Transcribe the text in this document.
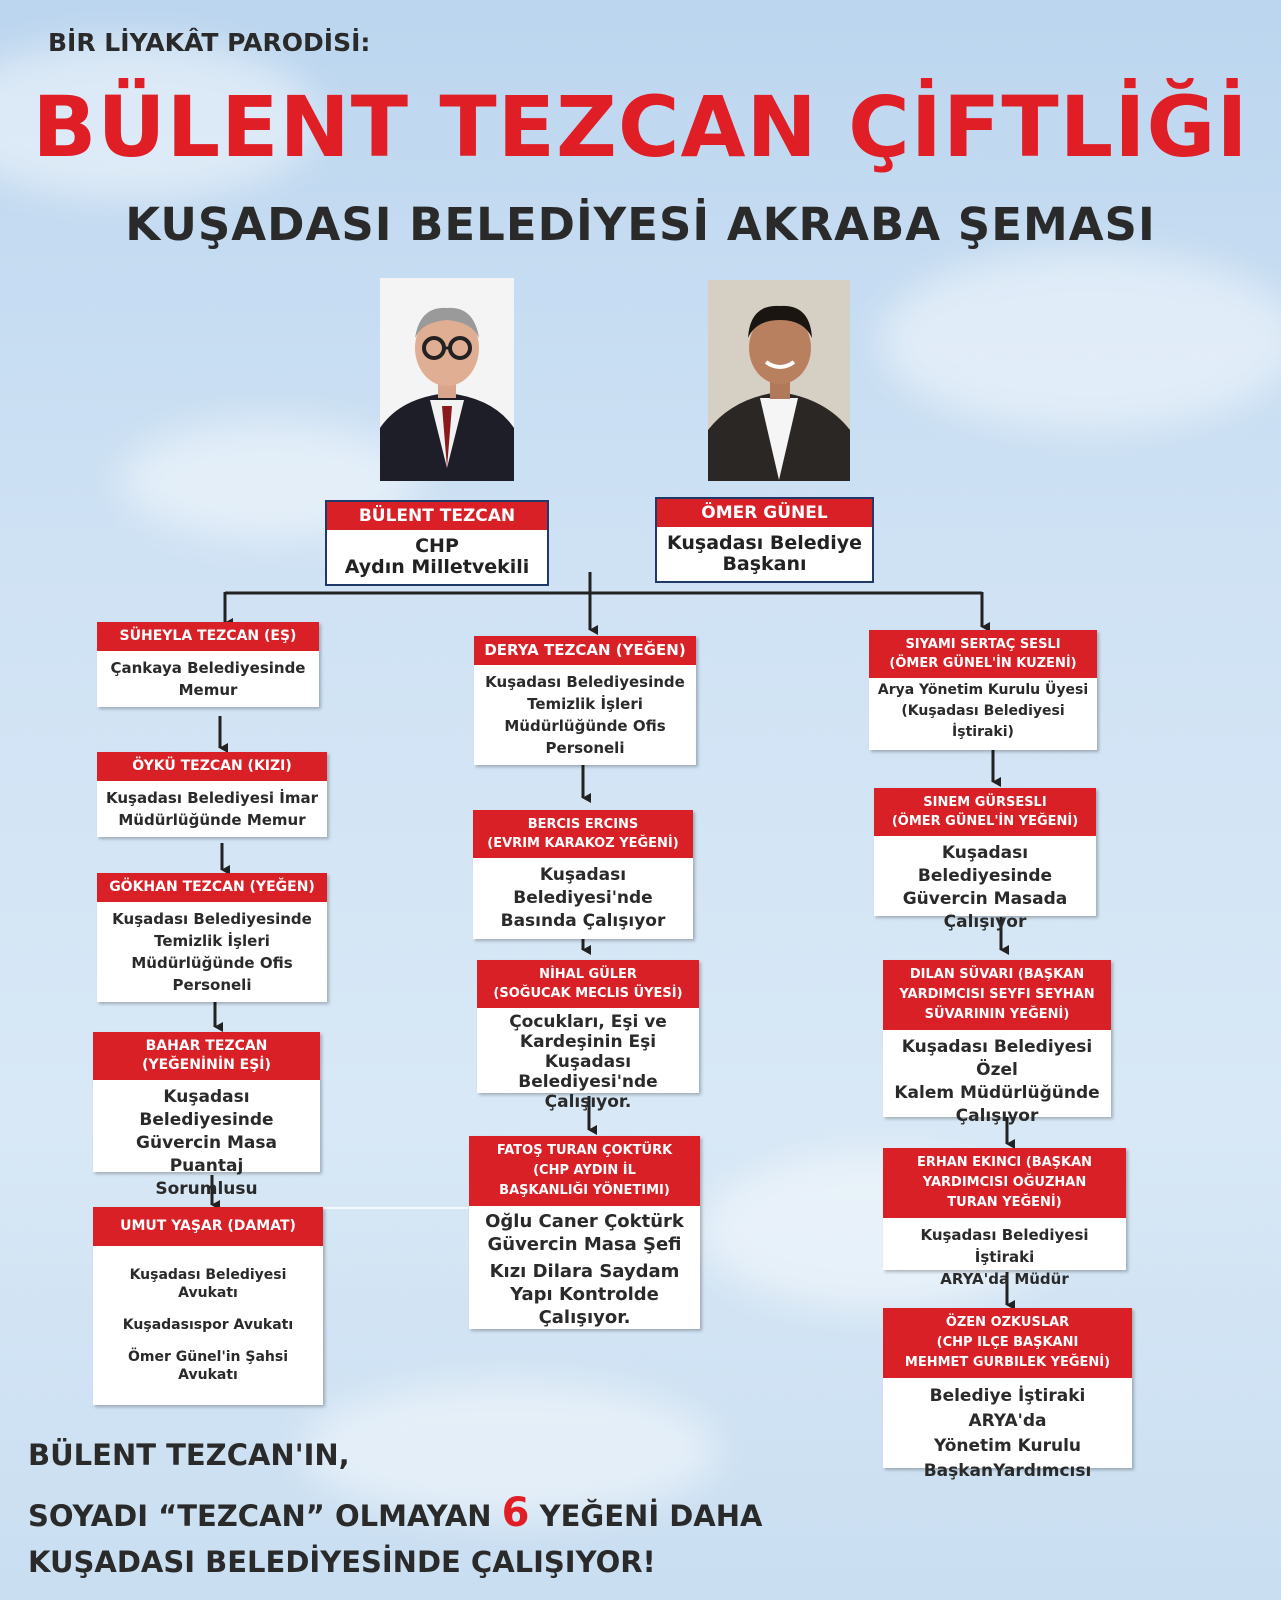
BİR LİYAKÂT PARODİSİ:
BÜLENT TEZCAN ÇİFTLİĞİ
KUŞADASI BELEDİYESİ AKRABA ŞEMASI
BÜLENT TEZCAN
CHP
Aydın Milletvekili
ÖMER GÜNEL
Kuşadası Belediye
Başkanı
SÜHEYLA TEZCAN (EŞ)
Çankaya Belediyesinde
Memur
ÖYKÜ TEZCAN (KIZI)
Kuşadası Belediyesi İmar
Müdürlüğünde Memur
GÖKHAN TEZCAN (YEĞEN)
Kuşadası Belediyesinde
Temizlik İşleri
Müdürlüğünde Ofis
Personeli
BAHAR TEZCAN
(YEĞENİNİN EŞİ)
Kuşadası Belediyesinde
Güvercin Masa Puantaj
Sorumlusu
UMUT YAŞAR (DAMAT)
Kuşadası Belediyesi Avukatı
Kuşadasıspor Avukatı
Ömer Günel'in Şahsi Avukatı
DERYA TEZCAN (YEĞEN)
Kuşadası Belediyesinde
Temizlik İşleri
Müdürlüğünde Ofis
Personeli
BERCIS ERCINS
(EVRIM KARAKOZ YEĞENİ)
Kuşadası Belediyesi'nde
Basında Çalışıyor
NİHAL GÜLER
(SOĞUCAK MECLIS ÜYESİ)
Çocukları, Eşi ve
Kardeşinin Eşi
Kuşadası Belediyesi'nde
Çalışıyor.
FATOŞ TURAN ÇOKTÜRK
(CHP AYDIN İL
BAŞKANLIĞI YÖNETIMI)
Oğlu Caner Çoktürk
Güvercin Masa Şefi
Kızı Dilara Saydam
Yapı Kontrolde
Çalışıyor.
SIYAMI SERTAÇ SESLI
(ÖMER GÜNEL'İN KUZENİ)
Arya Yönetim Kurulu Üyesi
(Kuşadası Belediyesi
İştiraki)
SINEM GÜRSESLI
(ÖMER GÜNEL'İN YEĞENİ)
Kuşadası Belediyesinde
Güvercin Masada
Çalışıyor
DILAN SÜVARI (BAŞKAN
YARDIMCISI SEYFI SEYHAN
SÜVARININ YEĞENİ)
Kuşadası Belediyesi Özel
Kalem Müdürlüğünde
Çalışıyor
ERHAN EKINCI (BAŞKAN
YARDIMCISI OĞUZHAN
TURAN YEĞENİ)
Kuşadası Belediyesi İştiraki
ARYA'da Müdür
ÖZEN OZKUSLAR
(CHP ILÇE BAŞKANI
MEHMET GURBILEK YEĞENİ)
Belediye İştiraki ARYA'da
Yönetim Kurulu
BaşkanYardımcısı
BÜLENT TEZCAN'IN,
SOYADI “TEZCAN” OLMAYAN 6 YEĞENİ DAHA
KUŞADASI BELEDİYESİNDE ÇALIŞIYOR!
